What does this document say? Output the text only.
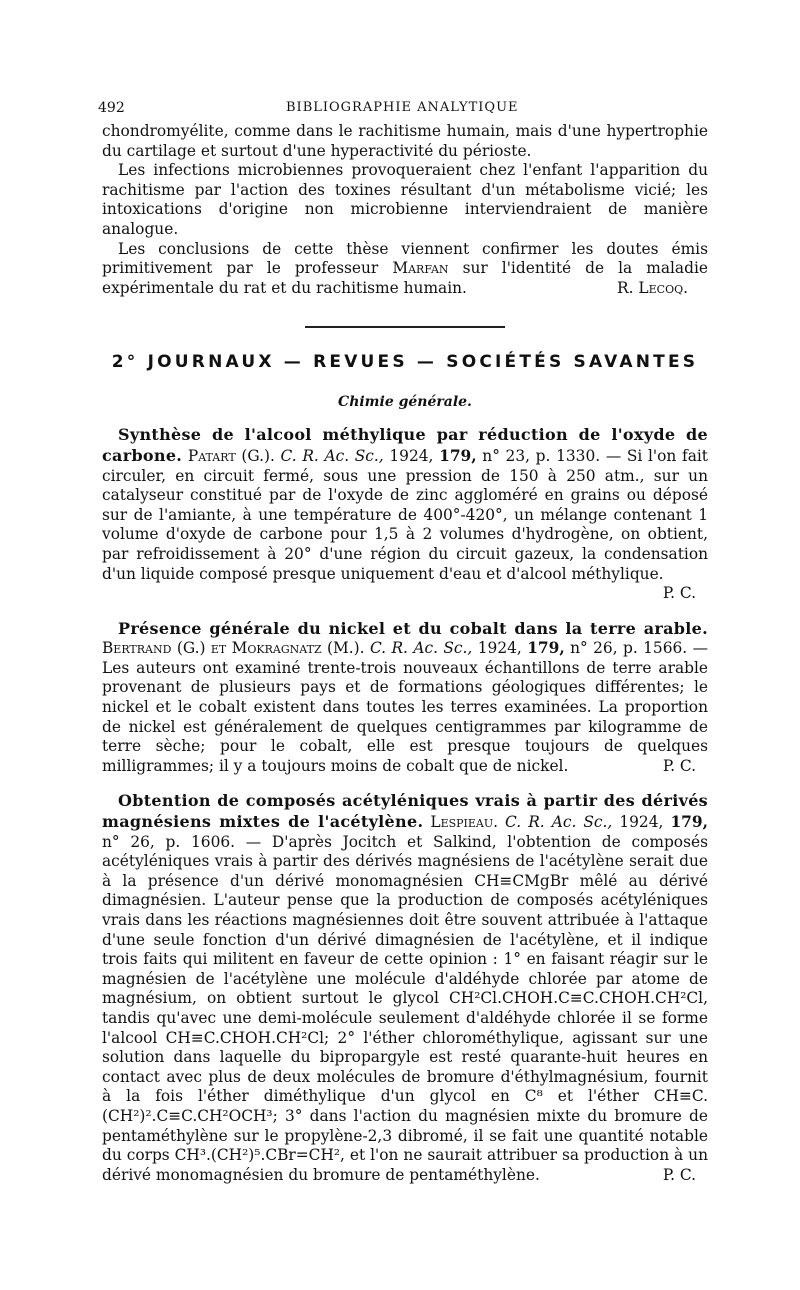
492	BIBLIOGRAPHIE ANALYTIQUE

chondromyélite, comme dans le rachitisme humain, mais d'une hypertrophie du cartilage et surtout d'une hyperactivité du périoste.

Les infections microbiennes provoqueraient chez l'enfant l'apparition du rachitisme par l'action des toxines résultant d'un métabolisme vicié; les intoxications d'origine non microbienne interviendraient de manière analogue.

Les conclusions de cette thèse viennent confirmer les doutes émis primitivement par le professeur Marfan sur l'identité de la maladie expérimentale du rat et du rachitisme humain.	R. Lecoq.

2° JOURNAUX — REVUES — SOCIÉTÉS SAVANTES
Chimie générale.

Synthèse de l'alcool méthylique par réduction de l'oxyde de carbone. Patart (G.). C. R. Ac. Sc., 1924, 179, n° 23, p. 1330. — Si l'on fait circuler, en circuit fermé, sous une pression de 150 à 250 atm., sur un catalyseur constitué par de l'oxyde de zinc aggloméré en grains ou déposé sur de l'amiante, à une température de 400°-420°, un mélange contenant 1 volume d'oxyde de carbone pour 1,5 à 2 volumes d'hydrogène, on obtient, par refroidissement à 20° d'une région du circuit gazeux, la condensation d'un liquide composé presque uniquement d'eau et d'alcool méthylique.
P. C.

Présence générale du nickel et du cobalt dans la terre arable. Bertrand (G.) et Mokragnatz (M.). C. R. Ac. Sc., 1924, 179, n° 26, p. 1566. — Les auteurs ont examiné trente-trois nouveaux échantillons de terre arable provenant de plusieurs pays et de formations géologiques différentes; le nickel et le cobalt existent dans toutes les terres examinées. La proportion de nickel est généralement de quelques centigrammes par kilogramme de terre sèche; pour le cobalt, elle est presque toujours de quelques milligrammes; il y a toujours moins de cobalt que de nickel.	P. C.

Obtention de composés acétyléniques vrais à partir des dérivés magnésiens mixtes de l'acétylène. Lespieau. C. R. Ac. Sc., 1924, 179, n° 26, p. 1606. — D'après Jocitch et Salkind, l'obtention de composés acétyléniques vrais à partir des dérivés magnésiens de l'acétylène serait due à la présence d'un dérivé monomagnésien CH≡CMgBr mêlé au dérivé dimagnésien. L'auteur pense que la production de composés acétyléniques vrais dans les réactions magnésiennes doit être souvent attribuée à l'attaque d'une seule fonction d'un dérivé dimagnésien de l'acétylène, et il indique trois faits qui militent en faveur de cette opinion : 1° en faisant réagir sur le magnésien de l'acétylène une molécule d'aldéhyde chlorée par atome de magnésium, on obtient surtout le glycol CH²Cl.CHOH.C≡C.CHOH.CH²Cl, tandis qu'avec une demi-molécule seulement d'aldéhyde chlorée il se forme l'alcool CH≡C.CHOH.CH²Cl; 2° l'éther chlorométhylique, agissant sur une solution dans laquelle du bipropargyle est resté quarante-huit heures en contact avec plus de deux molécules de bromure d'éthylmagnésium, fournit à la fois l'éther diméthylique d'un glycol en C⁸ et l'éther CH≡C.(CH²)².C≡C.CH²OCH³; 3° dans l'action du magnésien mixte du bromure de pentaméthylène sur le propylène-2,3 dibromé, il se fait une quantité notable du corps CH³.(CH²)⁵.CBr=CH², et l'on ne saurait attribuer sa production à un dérivé monomagnésien du bromure de pentaméthylène.	P. C.
